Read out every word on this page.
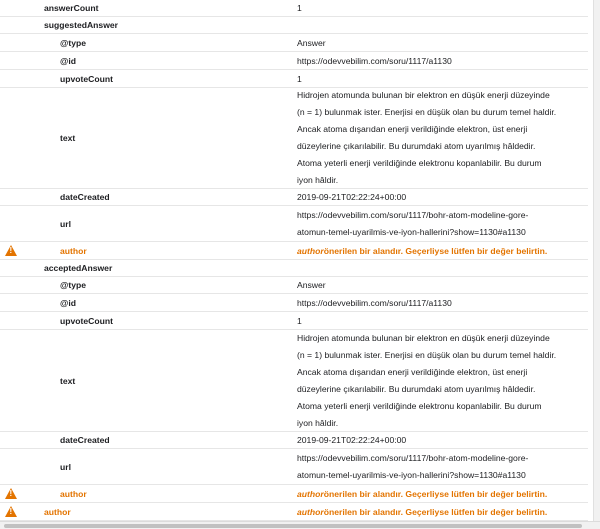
answerCount	1
suggestedAnswer
@type	Answer
@id	https://odevvebilim.com/soru/1117/a1130
upvoteCount	1
text
Hidrojen atomunda bulunan bir elektron en düşük enerji düzeyinde
(n = 1) bulunmak ister. Enerjisi en düşük olan bu durum temel haldir.
Ancak atoma dışarıdan enerji verildiğinde elektron, üst enerji
düzeylerine çıkarılabilir. Bu durumdaki atom uyarılmış hâldedir.
Atoma yeterli enerji verildiğinde elektronu kopanlabilir. Bu durum
iyon hâldir.
dateCreated	2019-09-21T02:22:24+00:00
url
https://odevvebilim.com/soru/1117/bohr-atom-modeline-gore-
atomun-temel-uyarilmis-ve-iyon-hallerini?show=1130#a1130
!
author	author önerilen bir alandır. Geçerliyse lütfen bir değer belirtin.
acceptedAnswer
@type	Answer
@id	https://odevvebilim.com/soru/1117/a1130
upvoteCount	1
text
Hidrojen atomunda bulunan bir elektron en düşük enerji düzeyinde
(n = 1) bulunmak ister. Enerjisi en düşük olan bu durum temel haldir.
Ancak atoma dışarıdan enerji verildiğinde elektron, üst enerji
düzeylerine çıkarılabilir. Bu durumdaki atom uyarılmış hâldedir.
Atoma yeterli enerji verildiğinde elektronu kopanlabilir. Bu durum
iyon hâldir.
dateCreated	2019-09-21T02:22:24+00:00
url
https://odevvebilim.com/soru/1117/bohr-atom-modeline-gore-
atomun-temel-uyarilmis-ve-iyon-hallerini?show=1130#a1130
!
author	author önerilen bir alandır. Geçerliyse lütfen bir değer belirtin.
!
author	author önerilen bir alandır. Geçerliyse lütfen bir değer belirtin.
